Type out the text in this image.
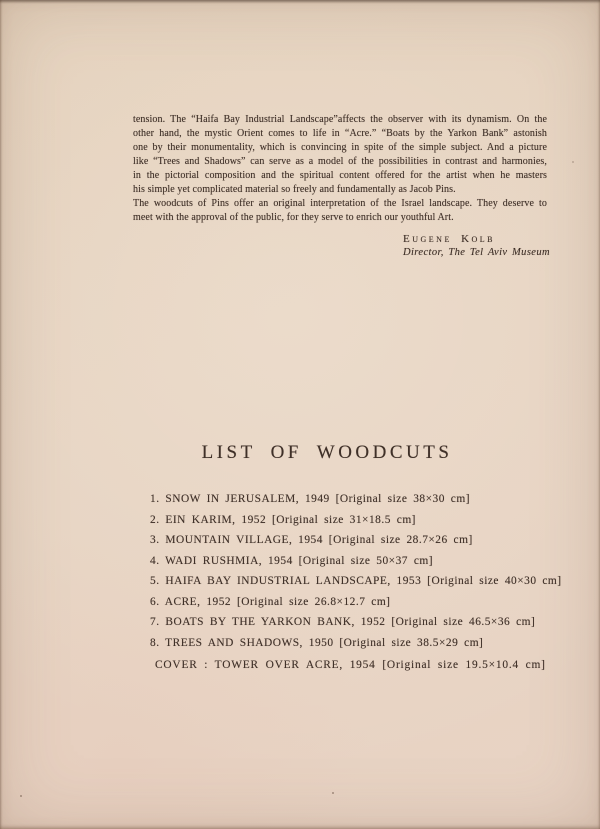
tension. The “Haifa Bay Industrial Landscape”affects the observer with its dynamism. On the
other hand, the mystic Orient comes to life in “Acre.” “Boats by the Yarkon Bank” astonish
one by their monumentality, which is convincing in spite of the simple subject. And a picture
like “Trees and Shadows” can serve as a model of the possibilities in contrast and harmonies,
in the pictorial composition and the spiritual content offered for the artist when he masters
his simple yet complicated material so freely and fundamentally as Jacob Pins.
The woodcuts of Pins offer an original interpretation of the Israel landscape. They deserve to
meet with the approval of the public, for they serve to enrich our youthful Art.
Eugene Kolb
Director, The Tel Aviv Museum
LIST OF WOODCUTS
1. SNOW IN JERUSALEM, 1949 [Original size 38×30 cm]
2. EIN KARIM, 1952 [Original size 31×18.5 cm]
3. MOUNTAIN VILLAGE, 1954 [Original size 28.7×26 cm]
4. WADI RUSHMIA, 1954 [Original size 50×37 cm]
5. HAIFA BAY INDUSTRIAL LANDSCAPE, 1953 [Original size 40×30 cm]
6. ACRE, 1952 [Original size 26.8×12.7 cm]
7. BOATS BY THE YARKON BANK, 1952 [Original size 46.5×36 cm]
8. TREES AND SHADOWS, 1950 [Original size 38.5×29 cm]
COVER : TOWER OVER ACRE, 1954 [Original size 19.5×10.4 cm]
